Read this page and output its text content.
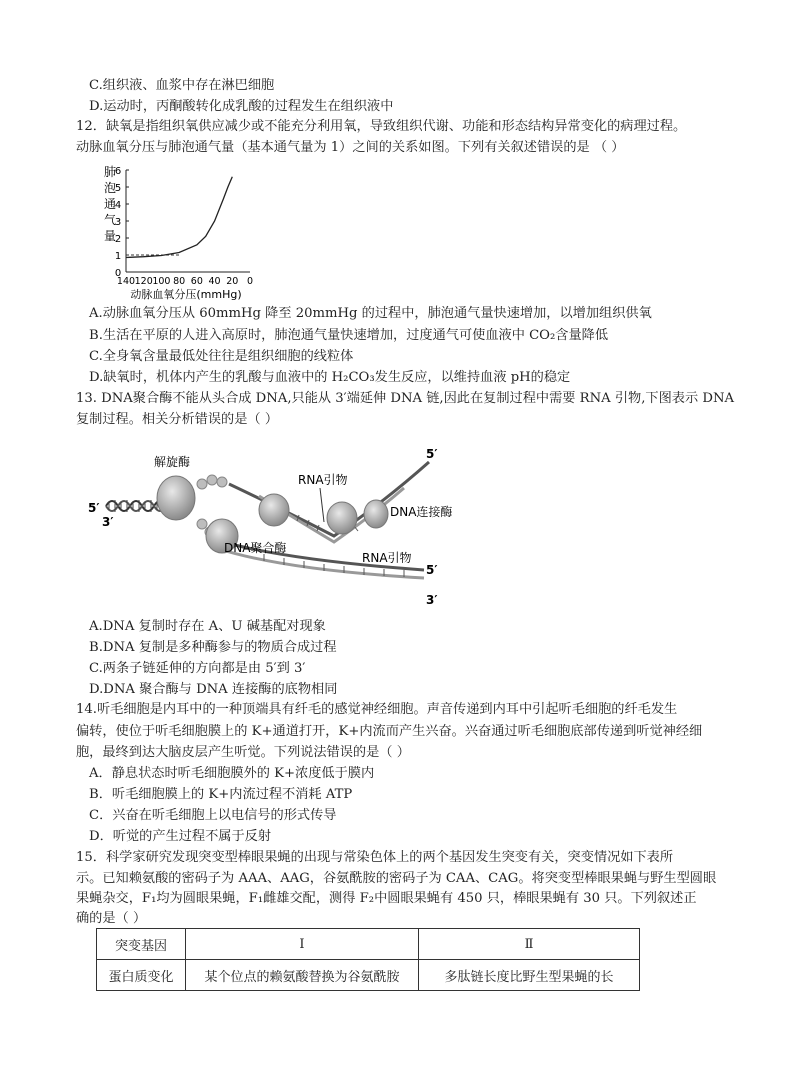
C.组织液、血浆中存在淋巴细胞
D.运动时，丙酮酸转化成乳酸的过程发生在组织液中
12．缺氧是指组织氧供应减少或不能充分利用氧，导致组织代谢、功能和形态结构异常变化的病理过程。
动脉血氧分压与肺泡通气量（基本通气量为 1）之间的关系如图。下列有关叙述错误的是 （ ）
肺
泡
通
气
量
0
1
2
3
4
5
6
140 120 100 80 60 40 20 0
动脉血氧分压(mmHg)
A.动脉血氧分压从 60mmHg 降至 20mmHg 的过程中，肺泡通气量快速增加，以增加组织供氧
B.生活在平原的人进入高原时，肺泡通气量快速增加，过度通气可使血液中 CO₂含量降低
C.全身氧含量最低处往往是组织细胞的线粒体
D.缺氧时，机体内产生的乳酸与血液中的 H₂CO₃发生反应，以维持血液 pH的稳定
13. DNA聚合酶不能从头合成 DNA,只能从 3′端延伸 DNA 链,因此在复制过程中需要 RNA 引物,下图表示 DNA
复制过程。相关分析错误的是（ ）
5′
3′
解旋酶
RNA引物
DNA连接酶
5′
DNA聚合酶
RNA引物
5′
3′
A.DNA 复制时存在 A、U 碱基配对现象
B.DNA 复制是多种酶参与的物质合成过程
C.两条子链延伸的方向都是由 5′到 3′
D.DNA 聚合酶与 DNA 连接酶的底物相同
14.听毛细胞是内耳中的一种顶端具有纤毛的感觉神经细胞。声音传递到内耳中引起听毛细胞的纤毛发生
偏转，使位于听毛细胞膜上的 K+通道打开，K+内流而产生兴奋。兴奋通过听毛细胞底部传递到听觉神经细
胞，最终到达大脑皮层产生听觉。下列说法错误的是（ ）
A．静息状态时听毛细胞膜外的 K+浓度低于膜内
B．听毛细胞膜上的 K+内流过程不消耗 ATP
C．兴奋在听毛细胞上以电信号的形式传导
D．听觉的产生过程不属于反射
15．科学家研究发现突变型棒眼果蝇的出现与常染色体上的两个基因发生突变有关，突变情况如下表所
示。已知赖氨酸的密码子为 AAA、AAG，谷氨酰胺的密码子为 CAA、CAG。将突变型棒眼果蝇与野生型圆眼
果蝇杂交，F₁均为圆眼果蝇，F₁雌雄交配，测得 F₂中圆眼果蝇有 450 只，棒眼果蝇有 30 只。下列叙述正
确的是（ ）
突变基因	Ⅰ	Ⅱ
蛋白质变化	某个位点的赖氨酸替换为谷氨酰胺	多肽链长度比野生型果蝇的长
